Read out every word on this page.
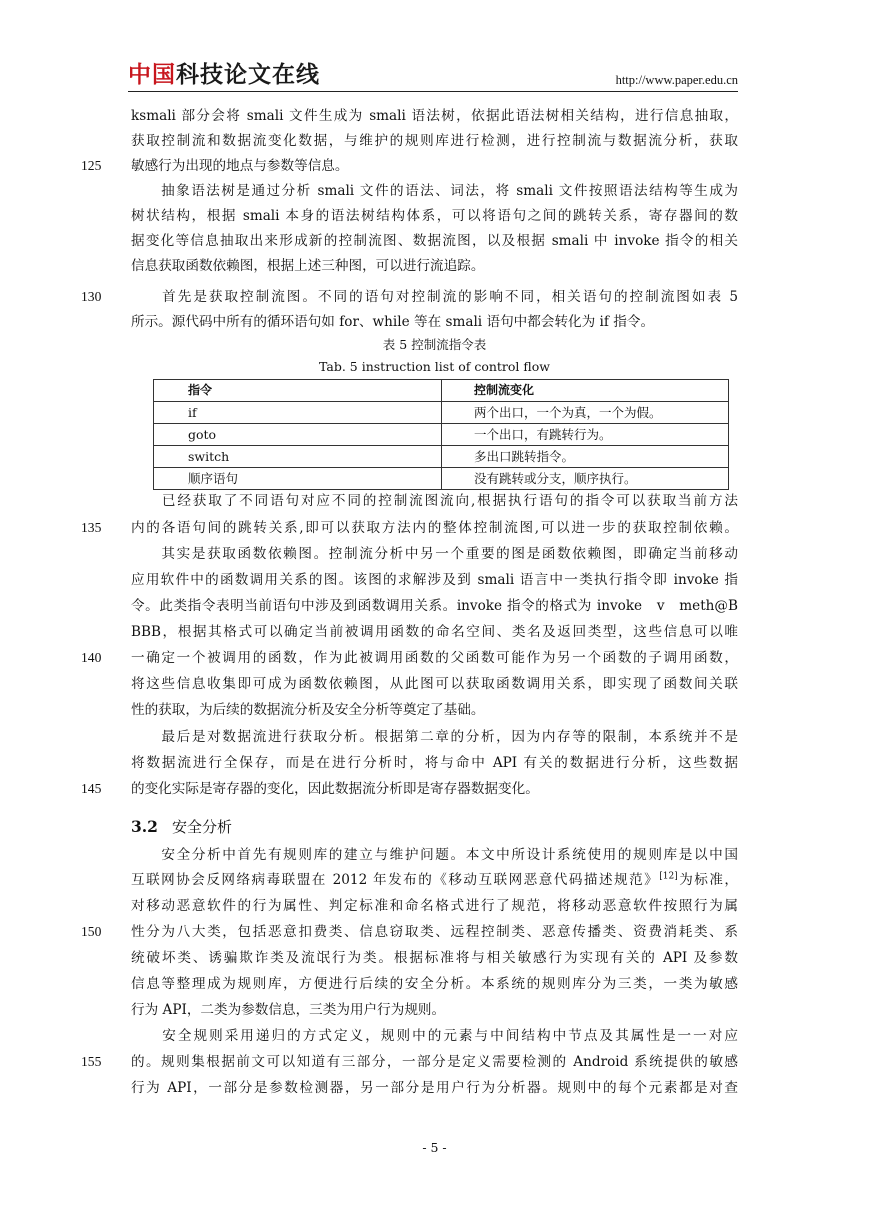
中国科技论文在线	http://www.paper.edu.cn
ksmali 部分会将 smali 文件生成为 smali 语法树，依据此语法树相关结构，进行信息抽取，
获取控制流和数据流变化数据，与维护的规则库进行检测，进行控制流与数据流分析，获取
敏感行为出现的地点与参数等信息。
　　抽象语法树是通过分析 smali 文件的语法、词法，将 smali 文件按照语法结构等生成为
树状结构，根据 smali 本身的语法树结构体系，可以将语句之间的跳转关系，寄存器间的数
据变化等信息抽取出来形成新的控制流图、数据流图，以及根据 smali 中 invoke 指令的相关
信息获取函数依赖图，根据上述三种图，可以进行流追踪。
　　首先是获取控制流图。不同的语句对控制流的影响不同，相关语句的控制流图如表 5
所示。源代码中所有的循环语句如 for、while 等在 smali 语句中都会转化为 if 指令。
　　已经获取了不同语句对应不同的控制流图流向,根据执行语句的指令可以获取当前方法
内的各语句间的跳转关系,即可以获取方法内的整体控制流图,可以进一步的获取控制依赖。
　　其实是获取函数依赖图。控制流分析中另一个重要的图是函数依赖图，即确定当前移动
应用软件中的函数调用关系的图。该图的求解涉及到 smali 语言中一类执行指令即 invoke 指
令。此类指令表明当前语句中涉及到函数调用关系。invoke 指令的格式为 invoke　v　meth@B
BBB，根据其格式可以确定当前被调用函数的命名空间、类名及返回类型，这些信息可以唯
一确定一个被调用的函数，作为此被调用函数的父函数可能作为另一个函数的子调用函数，
将这些信息收集即可成为函数依赖图，从此图可以获取函数调用关系，即实现了函数间关联
性的获取，为后续的数据流分析及安全分析等奠定了基础。
　　最后是对数据流进行获取分析。根据第二章的分析，因为内存等的限制，本系统并不是
将数据流进行全保存，而是在进行分析时，将与命中 API 有关的数据进行分析，这些数据
的变化实际是寄存器的变化，因此数据流分析即是寄存器数据变化。
　　安全分析中首先有规则库的建立与维护问题。本文中所设计系统使用的规则库是以中国
对移动恶意软件的行为属性、判定标准和命名格式进行了规范，将移动恶意软件按照行为属
性分为八大类，包括恶意扣费类、信息窃取类、远程控制类、恶意传播类、资费消耗类、系
统破坏类、诱骗欺诈类及流氓行为类。根据标准将与相关敏感行为实现有关的 API 及参数
信息等整理成为规则库，方便进行后续的安全分析。本系统的规则库分为三类，一类为敏感
行为 API，二类为参数信息，三类为用户行为规则。
　　安全规则采用递归的方式定义，规则中的元素与中间结构中节点及其属性是一一对应
的。规则集根据前文可以知道有三部分，一部分是定义需要检测的 Android 系统提供的敏感
行为 API，一部分是参数检测器，另一部分是用户行为分析器。规则中的每个元素都是对查
125
130
135
140
145
150
155
互联网协会反网络病毒联盟在 2012 年发布的《移动互联网恶意代码描述规范》[12]为标准，
表 5 控制流指令表
Tab. 5 instruction list of control flow
指令	控制流变化
if	两个出口，一个为真，一个为假。
goto	一个出口，有跳转行为。
switch	多出口跳转指令。
顺序语句	没有跳转或分支，顺序执行。
3.2 安全分析
- 5 -
